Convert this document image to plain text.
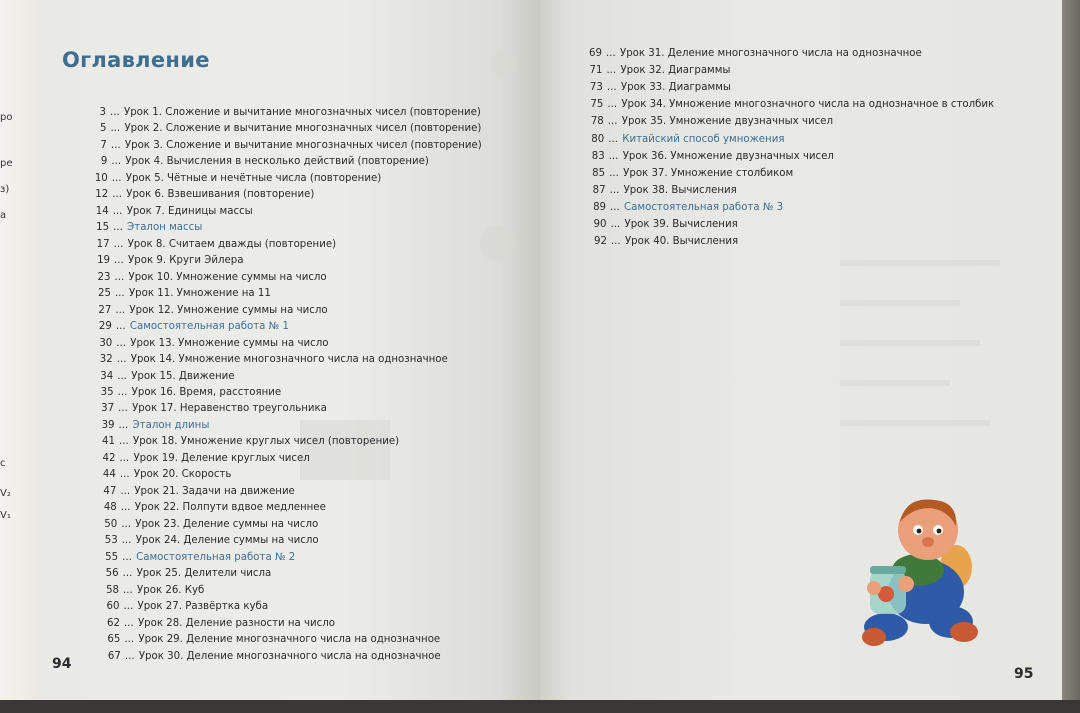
ро
ре
з)
а
с
V₂
V₁
Оглавление
3 ... Урок 1. Сложение и вычитание многозначных чисел (повторение)
5 ... Урок 2. Сложение и вычитание многозначных чисел (повторение)
7 ... Урок 3. Сложение и вычитание многозначных чисел (повторение)
9 ... Урок 4. Вычисления в несколько действий (повторение)
10 ... Урок 5. Чётные и нечётные числа (повторение)
12 ... Урок 6. Взвешивания (повторение)
14 ... Урок 7. Единицы массы
15 ... Эталон массы
17 ... Урок 8. Считаем дважды (повторение)
19 ... Урок 9. Круги Эйлера
23 ... Урок 10. Умножение суммы на число
25 ... Урок 11. Умножение на 11
27 ... Урок 12. Умножение суммы на число
29 ... Самостоятельная работа № 1
30 ... Урок 13. Умножение суммы на число
32 ... Урок 14. Умножение многозначного числа на однозначное
34 ... Урок 15. Движение
35 ... Урок 16. Время, расстояние
37 ... Урок 17. Неравенство треугольника
39 ... Эталон длины
41 ... Урок 18. Умножение круглых чисел (повторение)
42 ... Урок 19. Деление круглых чисел
44 ... Урок 20. Скорость
47 ... Урок 21. Задачи на движение
48 ... Урок 22. Полпути вдвое медленнее
50 ... Урок 23. Деление суммы на число
53 ... Урок 24. Деление суммы на число
55 ... Самостоятельная работа № 2
56 ... Урок 25. Делители числа
58 ... Урок 26. Куб
60 ... Урок 27. Развёртка куба
62 ... Урок 28. Деление разности на число
65 ... Урок 29. Деление многозначного числа на однозначное
67 ... Урок 30. Деление многозначного числа на однозначное
69 ... Урок 31. Деление многозначного числа на однозначное
71 ... Урок 32. Диаграммы
73 ... Урок 33. Диаграммы
75 ... Урок 34. Умножение многозначного числа на однозначное в столбик
78 ... Урок 35. Умножение двузначных чисел
80 ... Китайский способ умножения
83 ... Урок 36. Умножение двузначных чисел
85 ... Урок 37. Умножение столбиком
87 ... Урок 38. Вычисления
89 ... Самостоятельная работа № 3
90 ... Урок 39. Вычисления
92 ... Урок 40. Вычисления
94
95
